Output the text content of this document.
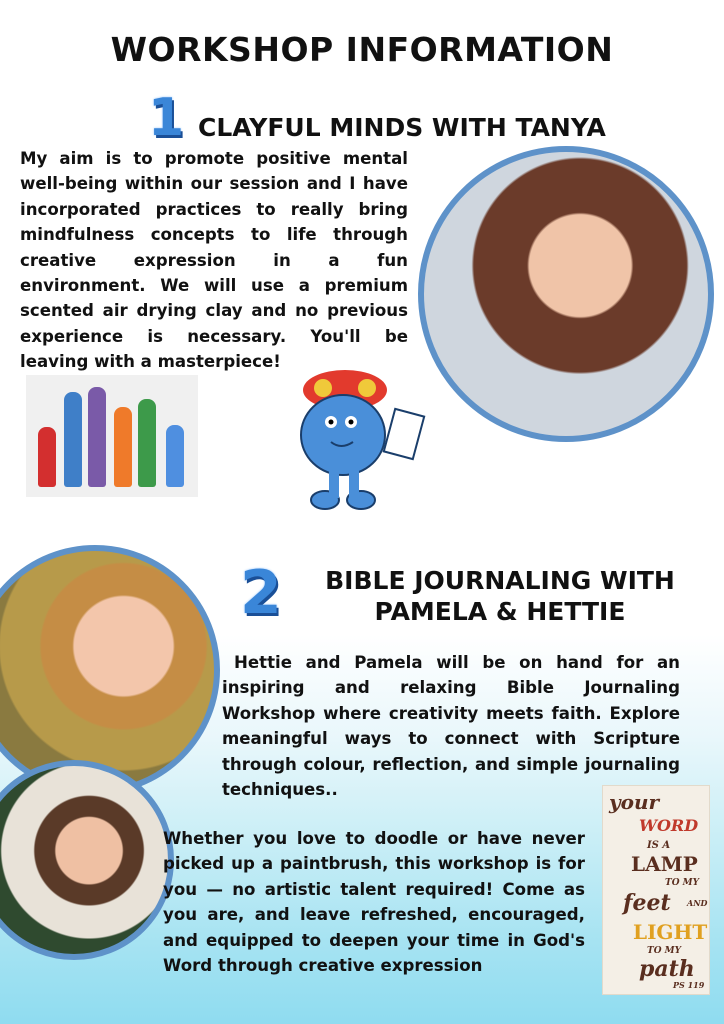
WORKSHOP INFORMATION
1 CLAYFUL MINDS WITH TANYA

My aim is to promote positive mental well-being within our session and I have incorporated practices to really bring mindfulness concepts to life through creative expression in a fun environment. We will use a premium scented air drying clay and no previous experience is necessary. You'll be leaving with a masterpiece!

2	BIBLE JOURNALING WITH PAMELA & HETTIE

Hettie and Pamela will be on hand for an inspiring and relaxing Bible Journaling Workshop where creativity meets faith. Explore meaningful ways to connect with Scripture through colour, reflection, and simple journaling techniques..

Whether you love to doodle or have never picked up a paintbrush, this workshop is for you — no artistic talent required! Come as you are, and leave refreshed, encouraged, and equipped to deepen your time in God's Word through creative expression

your
WORD
IS A
LAMP
TO MY
feet AND
LIGHT
TO MY
path
PS 119
